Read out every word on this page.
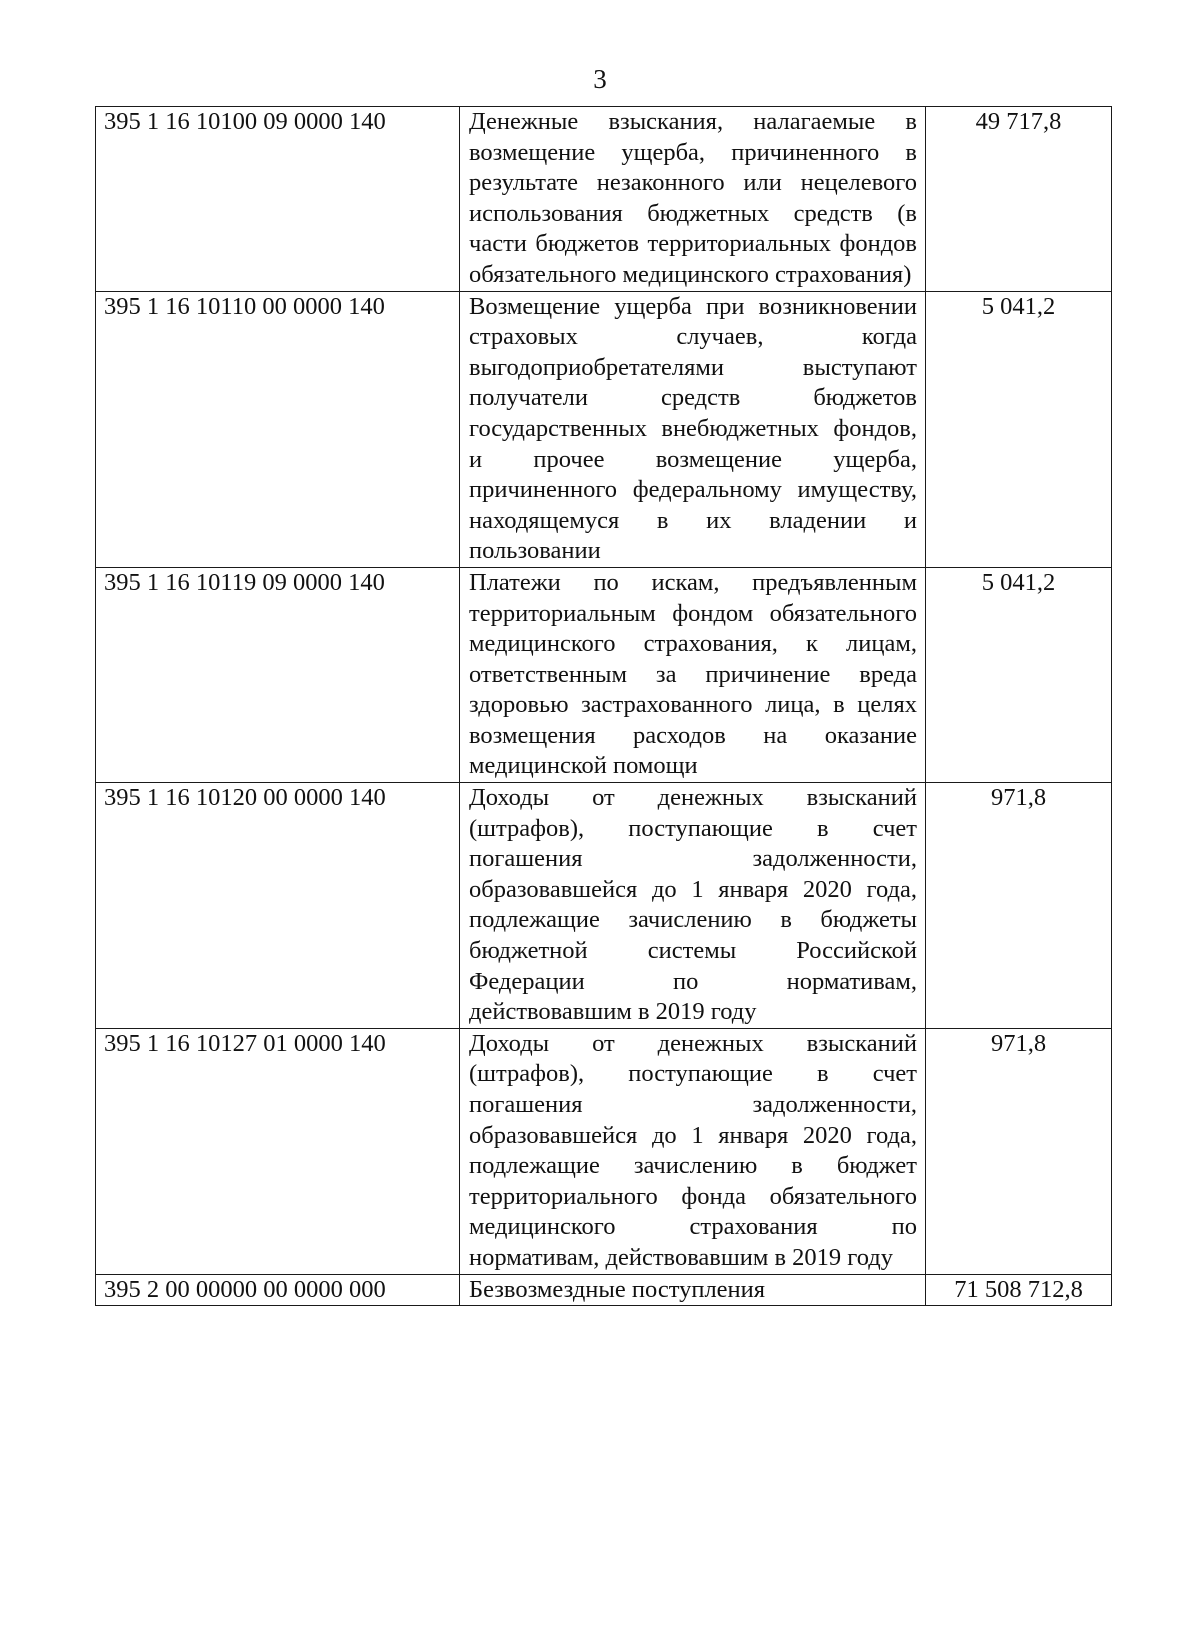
3
395 1 16 10100 09 0000 140	Денежные взыскания, налагаемые в возмещение ущерба, причиненного в результате незаконного или нецелевого использования бюджетных средств (в части бюджетов территориальных фондов обязательного медицинского страхования)	49 717,8
395 1 16 10110 00 0000 140	Возмещение ущерба при возникновении страховых случаев, когда выгодоприобретателями выступают получатели средств бюджетов государственных внебюджетных фондов, и прочее возмещение ущерба, причиненного федеральному имуществу, находящемуся в их владении и пользовании	5 041,2
395 1 16 10119 09 0000 140	Платежи по искам, предъявленным территориальным фондом обязательного медицинского страхования, к лицам, ответственным за причинение вреда здоровью застрахованного лица, в целях возмещения расходов на оказание медицинской помощи	5 041,2
395 1 16 10120 00 0000 140	Доходы от денежных взысканий (штрафов), поступающие в счет погашения задолженности, образовавшейся до 1 января 2020 года, подлежащие зачислению в бюджеты бюджетной системы Российской Федерации по нормативам, действовавшим в 2019 году	971,8
395 1 16 10127 01 0000 140	Доходы от денежных взысканий (штрафов), поступающие в счет погашения задолженности, образовавшейся до 1 января 2020 года, подлежащие зачислению в бюджет территориального фонда обязательного медицинского страхования по нормативам, действовавшим в 2019 году	971,8
395 2 00 00000 00 0000 000	Безвозмездные поступления	71 508 712,8
